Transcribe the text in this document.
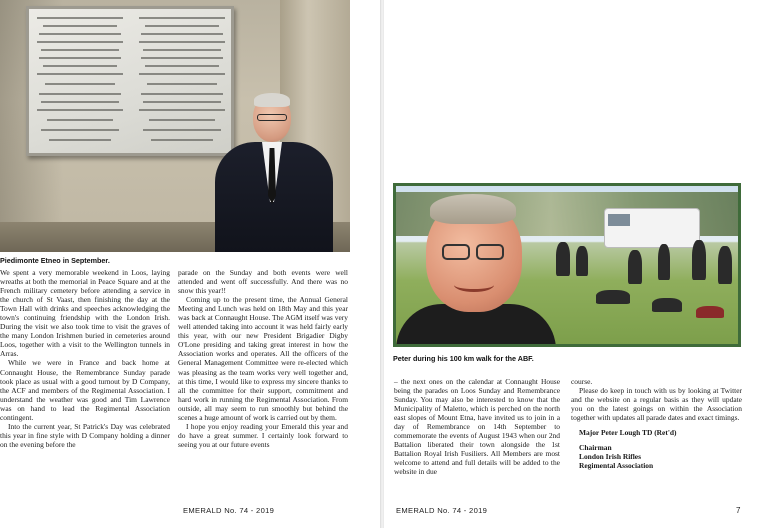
Piedimonte Etneo in September.

We spent a very memorable weekend in Loos, laying wreaths at both the memorial in Peace Square and at the French military cemetery before attending a service in the church of St Vaast, then finishing the day at the Town Hall with drinks and speeches acknowledging the town's continuing friendship with the London Irish. During the visit we also took time to visit the graves of the many London Irishmen buried in cemeteries around Loos, together with a visit to the Wellington tunnels in Arras.

While we were in France and back home at Connaught House, the Remembrance Sunday parade took place as usual with a good turnout by D Company, the ACF and members of the Regimental Association. I understand the weather was good and Tim Lawrence was on hand to lead the Regimental Association contingent.

Into the current year, St Patrick's Day was celebrated this year in fine style with D Company holding a dinner on the evening before the

parade on the Sunday and both events were well attended and went off successfully. And there was no snow this year!!

Coming up to the present time, the Annual General Meeting and Lunch was held on 18th May and this year was back at Connaught House. The AGM itself was very well attended taking into account it was held fairly early this year, with our new President Brigadier Digby O'Lone presiding and taking great interest in how the Association works and operates. All the officers of the General Management Committee were re-elected which was pleasing as the team works very well together and, at this time, I would like to express my sincere thanks to all the committee for their support, commitment and hard work in running the Regimental Association. From outside, all may seem to run smoothly but behind the scenes a huge amount of work is carried out by them.

I hope you enjoy reading your Emerald this year and do have a great summer. I certainly look forward to seeing you at our future events

EMERALD No. 74 - 2019
Peter during his 100 km walk for the ABF.

– the next ones on the calendar at Connaught House being the parades on Loos Sunday and Remembrance Sunday. You may also be interested to know that the Municipality of Maletto, which is perched on the north east slopes of Mount Etna, have invited us to join in a day of Remembrance on 14th September to commemorate the events of August 1943 when our 2nd Battalion liberated their town alongside the 1st Battalion Royal Irish Fusiliers. All Members are most welcome to attend and full details will be added to the website in due

course.

Please do keep in touch with us by looking at Twitter and the website on a regular basis as they will update you on the latest goings on within the Association together with updates all parade dates and exact timings.

Major Peter Lough TD (Ret'd)

Chairman

London Irish Rifles

Regimental Association

EMERALD No. 74 - 2019	7
